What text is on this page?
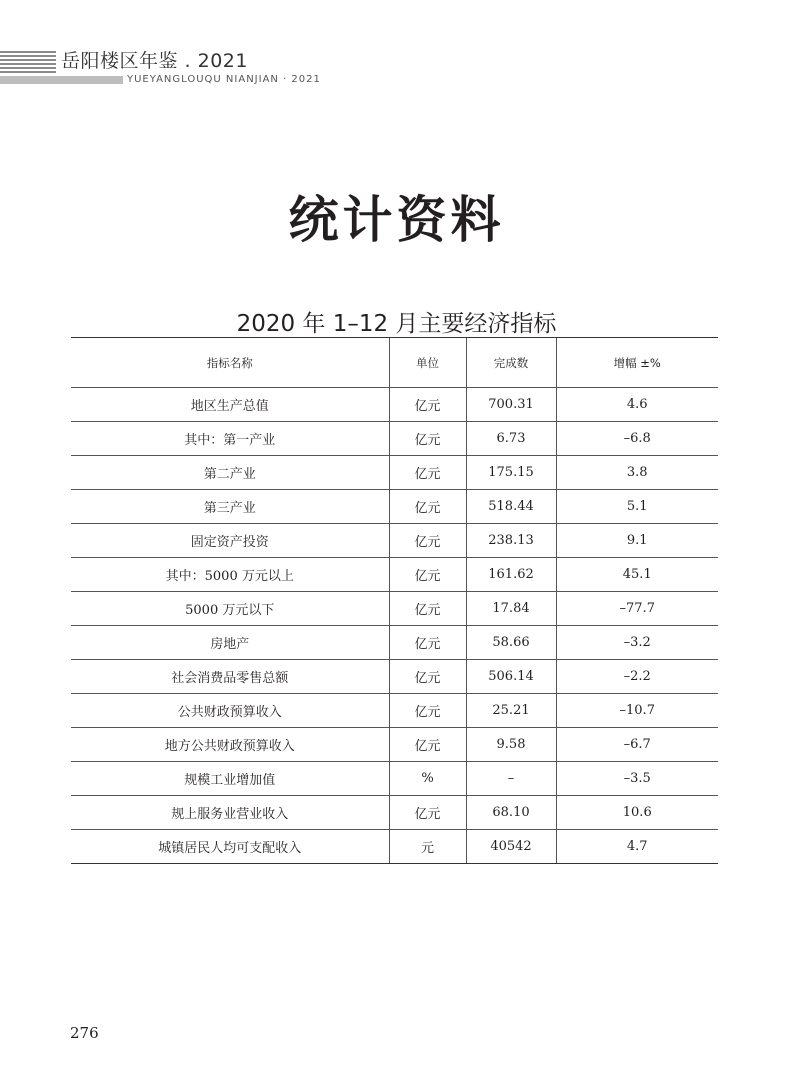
岳阳楼区年鉴 . 2021
YUEYANGLOUQU NIANJIAN · 2021
统计资料
2020 年 1–12 月主要经济指标
指标名称	单位	完成数	增幅 ±%
地区生产总值	亿元	700.31	4.6
其中：第一产业	亿元	6.73	–6.8
第二产业	亿元	175.15	3.8
第三产业	亿元	518.44	5.1
固定资产投资	亿元	238.13	9.1
其中：5000 万元以上	亿元	161.62	45.1
5000 万元以下	亿元	17.84	–77.7
房地产	亿元	58.66	–3.2
社会消费品零售总额	亿元	506.14	–2.2
公共财政预算收入	亿元	25.21	–10.7
地方公共财政预算收入	亿元	9.58	–6.7
规模工业增加值	%	–	–3.5
规上服务业营业收入	亿元	68.10	10.6
城镇居民人均可支配收入	元	40542	4.7
276
